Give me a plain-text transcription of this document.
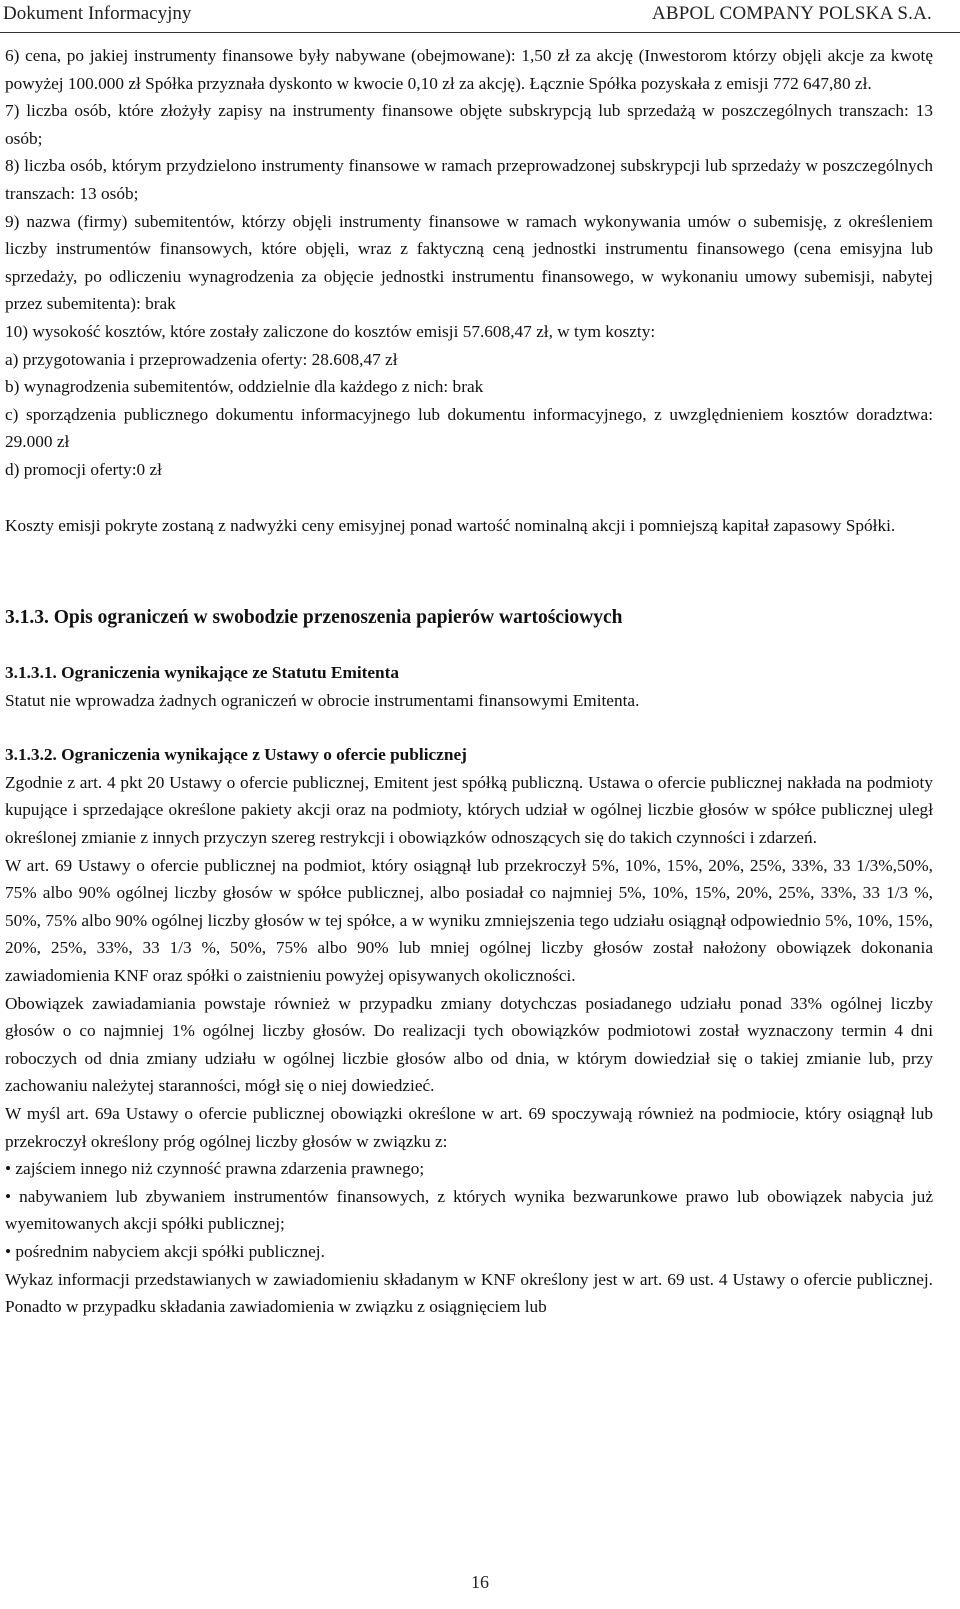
Dokument Informacyjny	ABPOL COMPANY POLSKA S.A.

6) cena, po jakiej instrumenty finansowe były nabywane (obejmowane): 1,50 zł za akcję (Inwestorom którzy objęli akcje za kwotę powyżej 100.000 zł Spółka przyznała dyskonto w kwocie 0,10 zł za akcję). Łącznie Spółka pozyskała z emisji 772 647,80 zł.

7) liczba osób, które złożyły zapisy na instrumenty finansowe objęte subskrypcją lub sprzedażą w poszczególnych transzach: 13 osób;

8) liczba osób, którym przydzielono instrumenty finansowe w ramach przeprowadzonej subskrypcji lub sprzedaży w poszczególnych transzach: 13 osób;

9) nazwa (firmy) subemitentów, którzy objęli instrumenty finansowe w ramach wykonywania umów o subemisję, z określeniem liczby instrumentów finansowych, które objęli, wraz z faktyczną ceną jednostki instrumentu finansowego (cena emisyjna lub sprzedaży, po odliczeniu wynagrodzenia za objęcie jednostki instrumentu finansowego, w wykonaniu umowy subemisji, nabytej przez subemitenta): brak

10) wysokość kosztów, które zostały zaliczone do kosztów emisji 57.608,47 zł, w tym koszty:

a) przygotowania i przeprowadzenia oferty: 28.608,47 zł

b) wynagrodzenia subemitentów, oddzielnie dla każdego z nich: brak

c) sporządzenia publicznego dokumentu informacyjnego lub dokumentu informacyjnego, z uwzględnieniem kosztów doradztwa: 29.000 zł

d) promocji oferty:0 zł

Koszty emisji pokryte zostaną z nadwyżki ceny emisyjnej ponad wartość nominalną akcji i pomniejszą kapitał zapasowy Spółki.

3.1.3. Opis ograniczeń w swobodzie przenoszenia papierów wartościowych
3.1.3.1. Ograniczenia wynikające ze Statutu Emitenta

Statut nie wprowadza żadnych ograniczeń w obrocie instrumentami finansowymi Emitenta.

3.1.3.2. Ograniczenia wynikające z Ustawy o ofercie publicznej

Zgodnie z art. 4 pkt 20 Ustawy o ofercie publicznej, Emitent jest spółką publiczną. Ustawa o ofercie publicznej nakłada na podmioty kupujące i sprzedające określone pakiety akcji oraz na podmioty, których udział w ogólnej liczbie głosów w spółce publicznej uległ określonej zmianie z innych przyczyn szereg restrykcji i obowiązków odnoszących się do takich czynności i zdarzeń.

W art. 69 Ustawy o ofercie publicznej na podmiot, który osiągnął lub przekroczył 5%, 10%, 15%, 20%, 25%, 33%, 33 1/3%,50%, 75% albo 90% ogólnej liczby głosów w spółce publicznej, albo posiadał co najmniej 5%, 10%, 15%, 20%, 25%, 33%, 33 1/3 %, 50%, 75% albo 90% ogólnej liczby głosów w tej spółce, a w wyniku zmniejszenia tego udziału osiągnął odpowiednio 5%, 10%, 15%, 20%, 25%, 33%, 33 1/3 %, 50%, 75% albo 90% lub mniej ogólnej liczby głosów został nałożony obowiązek dokonania zawiadomienia KNF oraz spółki o zaistnieniu powyżej opisywanych okoliczności.

Obowiązek zawiadamiania powstaje również w przypadku zmiany dotychczas posiadanego udziału ponad 33% ogólnej liczby głosów o co najmniej 1% ogólnej liczby głosów. Do realizacji tych obowiązków podmiotowi został wyznaczony termin 4 dni roboczych od dnia zmiany udziału w ogólnej liczbie głosów albo od dnia, w którym dowiedział się o takiej zmianie lub, przy zachowaniu należytej staranności, mógł się o niej dowiedzieć.

W myśl art. 69a Ustawy o ofercie publicznej obowiązki określone w art. 69 spoczywają również na podmiocie, który osiągnął lub przekroczył określony próg ogólnej liczby głosów w związku z:

• zajściem innego niż czynność prawna zdarzenia prawnego;

• nabywaniem lub zbywaniem instrumentów finansowych, z których wynika bezwarunkowe prawo lub obowiązek nabycia już wyemitowanych akcji spółki publicznej;

• pośrednim nabyciem akcji spółki publicznej.

Wykaz informacji przedstawianych w zawiadomieniu składanym w KNF określony jest w art. 69 ust. 4 Ustawy o ofercie publicznej. Ponadto w przypadku składania zawiadomienia w związku z osiągnięciem lub

16
